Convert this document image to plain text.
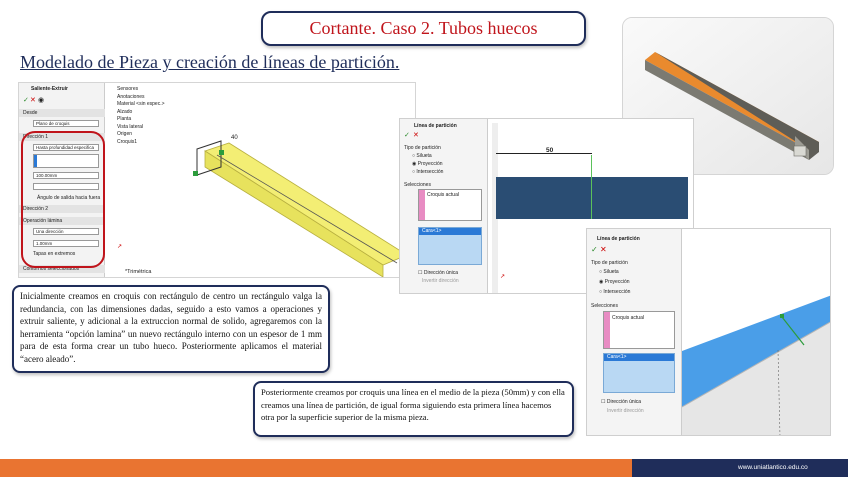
Cortante. Caso 2. Tubos huecos
Modelado de Pieza y creación de líneas de partición.
Saliente-Extruir
✓ ✕ ◉
Desde
Plano de croquis
Dirección 1
Hasta profundidad especifica
100.00mm
Ángulo de salida hacia fuera
Dirección 2
Operación lámina
Una dirección
1.00mm
Tapas en extremos
Contornos seleccionados
Sensores
Anotaciones
Material <sin espec.>
Alzado
Planta
Vista lateral
Origen
Croquis1
40
↗
*Trimétrica
Inicialmente creamos en croquis con rectángulo de centro un rectángulo valga la redundancia, con las dimensiones dadas, seguido a esto vamos a operaciones y extruir saliente, y adicional a la extruccion normal de solido, agregaremos con la herramienta “opción lamina” un nuevo rectángulo interno con un espesor de 1 mm para de esta forma crear un tubo hueco. Posteriormente aplicamos el material “acero aleado”.
Línea de partición
✓ ✕
Tipo de partición
○ Silueta
◉ Proyección
○ Intersección
Selecciones
Croquis actual
Cara<1>
☐ Dirección única
Invertir dirección
50
↗
Línea de partición
✓ ✕
Tipo de partición
○ Silueta
◉ Proyección
○ Intersección
Selecciones
Croquis actual
Cara<1>
☐ Dirección única
Invertir dirección
Posteriormente creamos por croquis una línea en el medio de la pieza (50mm) y con ella creamos una línea de partición, de igual forma siguiendo esta primera línea hacemos otra por la superficie superior de la misma pieza.
www.uniatlantico.edu.co
